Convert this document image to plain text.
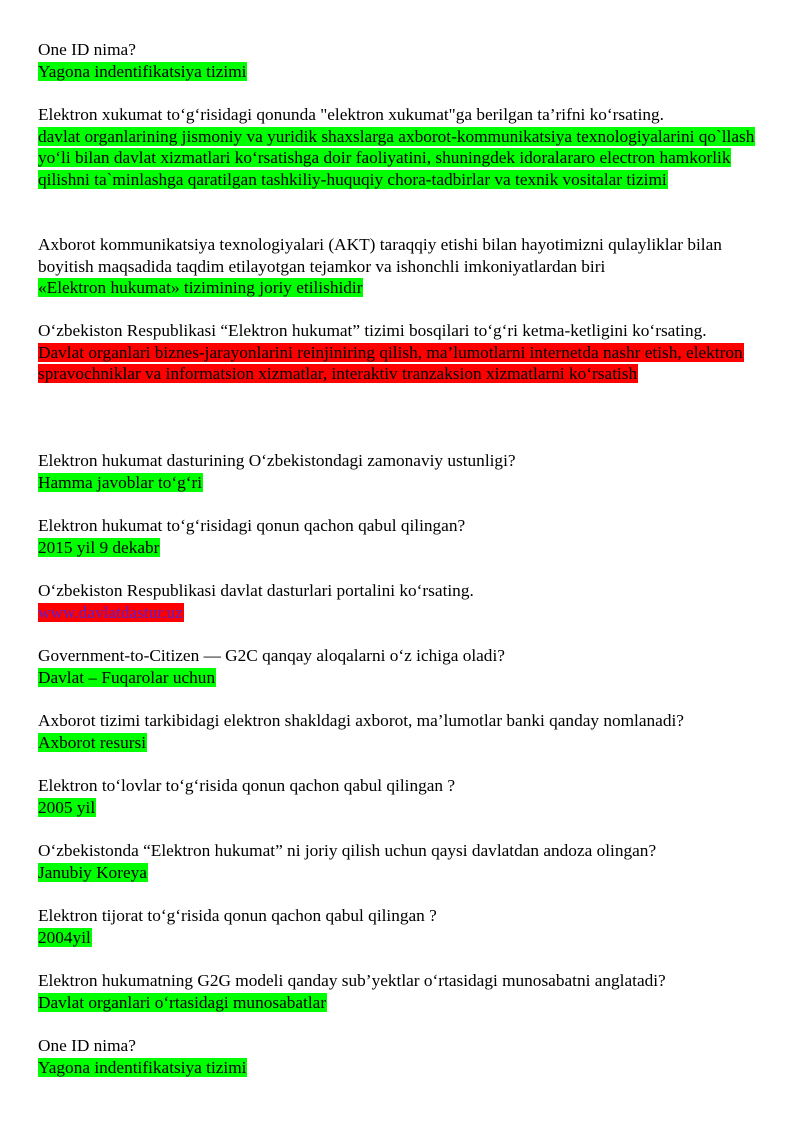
One ID nima?

Yagona indentifikatsiya tizimi

Elektron xukumat to‘g‘risidagi qonunda "elektron xukumat"ga berilgan ta’rifni ko‘rsating.

davlat organlarining jismoniy va yuridik shaxslarga axborot-kommunikatsiya texnologiyalarini qo`llash yo‘li bilan davlat xizmatlari ko‘rsatishga doir faoliyatini, shuningdek idoralararo electron hamkorlik qilishni ta`minlashga qaratilgan tashkiliy-huquqiy chora-tadbirlar va texnik vositalar tizimi

Axborot kommunikatsiya texnologiyalari (AKT) taraqqiy etishi bilan hayotimizni qulayliklar bilan boyitish maqsadida taqdim etilayotgan tejamkor va ishonchli imkoniyatlardan biri

«Elektron hukumat» tizimining joriy etilishidir

O‘zbekiston Respublikasi “Elektron hukumat” tizimi bosqilari to‘g‘ri ketma-ketligini ko‘rsating.

Davlat organlari biznes-jarayonlarini reinjiniring qilish, ma’lumotlarni internetda nashr etish, elektron spravochniklar va informatsion xizmatlar, interaktiv tranzaksion xizmatlarni ko‘rsatish

Elektron hukumat dasturining O‘zbekistondagi zamonaviy ustunligi?

Hamma javoblar to‘g‘ri

Elektron hukumat to‘g‘risidagi qonun qachon qabul qilingan?

2015 yil 9 dekabr

O‘zbekiston Respublikasi davlat dasturlari portalini ko‘rsating.

www.davlatdastur.uz

Government-to-Citizen — G2C qanqay aloqalarni o‘z ichiga oladi?

Davlat – Fuqarolar uchun

Axborot tizimi tarkibidagi elektron shakldagi axborot, ma’lumotlar banki qanday nomlanadi?

Axborot resursi

Elektron to‘lovlar to‘g‘risida qonun qachon qabul qilingan ?

2005 yil

O‘zbekistonda “Elektron hukumat” ni joriy qilish uchun qaysi davlatdan andoza olingan?

Janubiy Koreya

Elektron tijorat to‘g‘risida qonun qachon qabul qilingan ?

2004yil

Elektron hukumatning G2G modeli qanday sub’yektlar o‘rtasidagi munosabatni anglatadi?

Davlat organlari o‘rtasidagi munosabatlar

One ID nima?

Yagona indentifikatsiya tizimi
